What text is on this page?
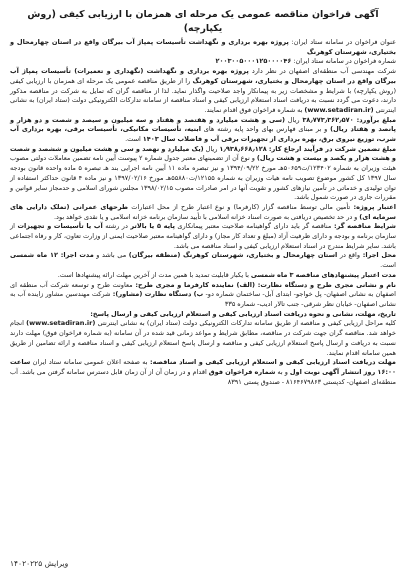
آگهی فراخوان مناقصه عمومی یک مرحله ای همزمان با ارزیابی کیفی (روش یکپارچه)

عنوان فراخوان در سامانه ستاد ایران: پروژه بهره برداری و نگهداشت تأسیسات پمپاژ آب بیرگان واقع در استان چهارمحال و بختیاری، شهرستان کوهرنگ

شماره فراخوان در سامانه ستاد ایران: ۲۰۰۳۰۰۵۰۰۰۱۲۵۰۰۰۰۴۶

شرکت مهندسی آب منطقه‌ای اصفهان در نظر دارد پروژه بهره برداری و نگهداشت (نگهداری و تعمیرات) تأسیسات پمپاژ آب بیرگان واقع در استان چهارمحال و بختیاری، شهرستان کوهرنگ را از طریق مناقصه عمومی یک مرحله ای همزمان با ارزیابی کیفی (روش یکپارچه) با شرایط و مشخصات زیر به پیمانکار واجد صلاحیت واگذار نماید. لذا از مناقصه گران که تمایل به شرکت در مناقصه مذکور دارند، دعوت می گردد نسبت به دریافت اسناد استعلام ارزیابی کیفی و اسناد مناقصه از سامانه تدارکات الکترونیکی دولت (ستاد ایران) به نشانی اینترنتی (www.setadiran.ir) به شماره فراخوان فوق اقدام نمایند.

مبلغ برآورد: ۳۸٫۷۷۳٫۳۶۲٫۵۷۰ ریال (سی و هشت میلیارد و هفتصد و هفتاد و سه میلیون و سیصد و شصت و دو هزار و پانصد و هفتاد ریال) و بر مبنای فهارس بهای واحد پایه رشته های ابنیه، تأسیسات مکانیکی، تأسیسات برقی، بهره برداری آب شرب، توزیع نیروی برق، بهره برداری از تجهیزات برقی آب و فاضلاب سال ۱۴۰۳ است.

مبلغ تضمین شرکت در فرآیند ارجاع کار: ۱٫۹۳۸٫۶۶۸٫۱۲۸ ریال (یک میلیارد و نهصد و سی و هشت میلیون و ششصد و شصت و هشت هزار و یکصد و بیست و هشت ریال) و نوع آن از تضمینهای معتبر جدول شماره ۲ پیوست آیین نامه تضمین معاملات دولتی مصوب هیئت وزیران به شماره ۱۲۳۴۰۲/ت۵۰۶۵۹هـ مورخ ۱۳۹۴/۰۹/۲۲ و نیز تبصره ماده ۱۱ آیین نامه اجرایی بند هـ تبصره ۵ ماده واحده قانون بودجه سال ۱۳۹۷ کل کشور موضوع تصویب نامه هیات وزیران به شماره ۱۲۱۵۵/ت۵۵۸۸۰هـ مورخ ۱۳۹۷/۰۲/۱۶ و نیز ماده ۴ قانون حداکثر استفاده از توان تولیدی و خدماتی در تأمین نیازهای کشور و تقویت آنها در امر صادرات مصوب ۱۳۹۸/۰۲/۱۵ مجلس شورای اسلامی و حدمجاز سایر قوانین و مقررات جاری در صورت شمول باشد.

اعتبار پروژه: تأمین مالی توسط مناقصه گزار (کارفرما) و نوع اعتبار طرح از محل اعتبارات طرحهای عمرانی (تملک دارایی های سرمایه ای) و در حد تخصیص دریافتی به صورت اسناد خزانه اسلامی با تأیید سازمان برنامه خزانه اسلامی و یا نقدی خواهد بود.

شرایط مناقصه گر: مناقصه گر باید دارای گواهینامه صلاحیت معتبر پیمانکاری پایه ۵ یا بالاتر در رشته آب یا تأسیسات و تجهیزات از سازمان برنامه و بودجه و دارای ظرفیت آزاد (مبلغ و تعداد کار مجاز) و دارای گواهینامه معتبر صلاحیت ایمنی از وزارت تعاون، کار و رفاه اجتماعی باشد. سایر شرایط مندرج در اسناد استعلام ارزیابی کیفی و اسناد مناقصه می باشد.

محل اجرا: واقع در استان چهارمحال و بختیاری، شهرستان کوهرنگ (منطقه بیرگان) می باشد و مدت اجرا: ۱۲ ماه شمسی است.

مدت اعتبار پیشنهادهای مناقصه ۳ ماه شمسی با یکبار قابلیت تمدید با همین مدت از آخرین مهلت ارائه پیشنهادها است.

نام و نشانی مجری طرح و دستگاه نظارت: (الف) نماینده کارفرما و مجری طرح: معاونت طرح و توسعه شرکت آب منطقه ای اصفهان به نشانی اصفهان- پل خواجو- ابتدای آبل- ساختمان شماره دو- ب) دستگاه نظارت (مشاور): شرکت مهندسین مشاور زاینده آب به نشانی اصفهان- خیابان نظر شرقی- جنب تالار ادیب- شماره ۳۳۵

تاریخ، مهلت، نشانی و نحوه دریافت اسناد ارزیابی کیفی و استعلام ارزیابی کیفی و ارسال پاسخ:

کلیه مراحل ارزیابی کیفی و مناقصه از طریق سامانه تدارکات الکترونیکی دولت (ستاد ایران) به نشانی اینترنتی (www.setadiran.ir) انجام خواهد شد. مناقصه گران جهت شرکت در مناقصه، مطابق شرایط و مواعد زمانی قید شده در آن سامانه (به شماره فراخوان فوق) مهلت دارند نسبت به دریافت و ارسال پاسخ استعلام ارزیابی کیفی و مناقصه و ارسال پاسخ استعلام ارزیابی کیفی و اسناد مناقصه و ارائه تضامین از طریق همین سامانه اقدام نمایند.

مهلت دریافت اسناد ارزیابی کیفی و استعلام ارزیابی کیفی و اسناد مناقصه: به صفحه اعلان عمومی سامانه ستاد ایران ساعت ۱۶:۰۰ روز انتشار آگهی نوبت اول و به شماره فراخوان فوق اقدام و در زمان آن از آن زمان قابل دسترس سامانه گرفتن می باشد. آب منطقه‌ای اصفهان- کدپستی ۸۱۶۴۶۷۹۸۶۳ - صندوق پستی ۸۳۹۱

ویرایش ۱۴۰۲۰۲۲۵
